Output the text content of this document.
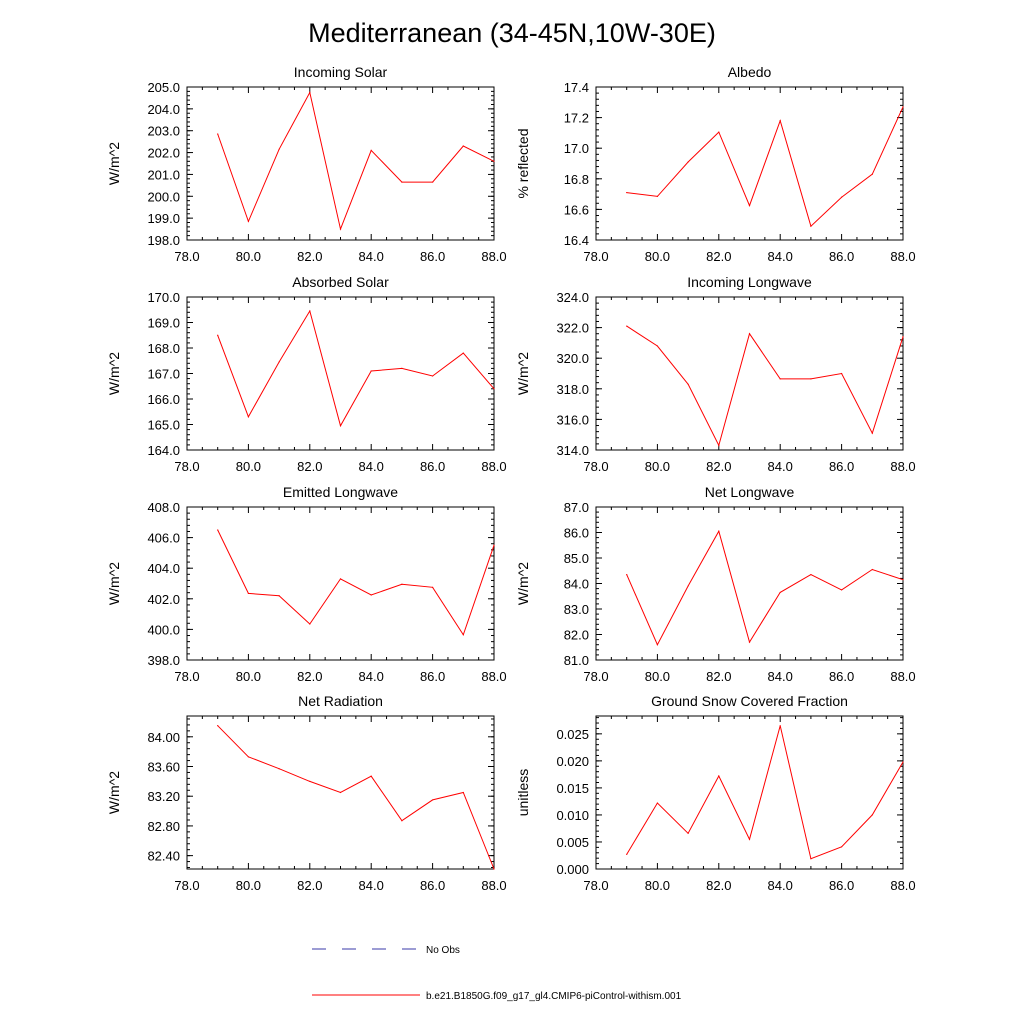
Mediterranean (34-45N,10W-30E)
Incoming Solar
W/m^2
78.0	80.0	82.0	84.0	86.0	88.0
198.0
199.0
200.0
201.0
202.0
203.0
204.0
205.0
Albedo
% reflected
78.0	80.0	82.0	84.0	86.0	88.0
16.4
16.6
16.8
17.0
17.2
17.4
Absorbed Solar
W/m^2
78.0	80.0	82.0	84.0	86.0	88.0
164.0
165.0
166.0
167.0
168.0
169.0
170.0
Incoming Longwave
W/m^2
78.0	80.0	82.0	84.0	86.0	88.0
314.0
316.0
318.0
320.0
322.0
324.0
Emitted Longwave
W/m^2
78.0	80.0	82.0	84.0	86.0	88.0
398.0
400.0
402.0
404.0
406.0
408.0
Net Longwave
W/m^2
78.0	80.0	82.0	84.0	86.0	88.0
81.0
82.0
83.0
84.0
85.0
86.0
87.0
Net Radiation
W/m^2
78.0	80.0	82.0	84.0	86.0	88.0
82.40
82.80
83.20
83.60
84.00
Ground Snow Covered Fraction
unitless
78.0	80.0	82.0	84.0	86.0	88.0
0.000
0.005
0.010
0.015
0.020
0.025
No Obs
b.e21.B1850G.f09_g17_gl4.CMIP6-piControl-withism.001
